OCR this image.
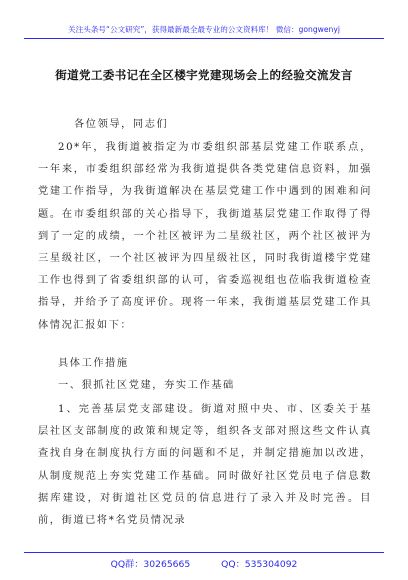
关注头条号“公文研究”，获得最新最全最专业的公文资料库！ 微信：gongwenyj
街道党工委书记在全区楼宇党建现场会上的经验交流发言
各位领导，同志们
20*年，我街道被指定为市委组织部基层党建工作联系点，一年来，市委组织部经常为我街道提供各类党建信息资料，加强党建工作指导，为我街道解决在基层党建工作中遇到的困难和问题。在市委组织部的关心指导下，我街道基层党建工作取得了得到了一定的成绩，一个社区被评为二星级社区，两个社区被评为三星级社区，一个社区被评为四星级社区，同时我街道楼宇党建工作也得到了省委组织部的认可，省委巡视组也莅临我街道检查指导，并给予了高度评价。现将一年来，我街道基层党建工作具体情况汇报如下：
具体工作措施
一、狠抓社区党建，夯实工作基础
1、完善基层党支部建设。街道对照中央、市、区委关于基层社区支部制度的政策和规定等，组织各支部对照这些文件认真查找自身在制度执行方面的问题和不足，并制定措施加以改进，从制度规范上夯实党建工作基础。同时做好社区党员电子信息数据库建设，对街道社区党员的信息进行了录入并及时完善。目前，街道已将*名党员情况录
QQ群：30265665	QQ：535304092
